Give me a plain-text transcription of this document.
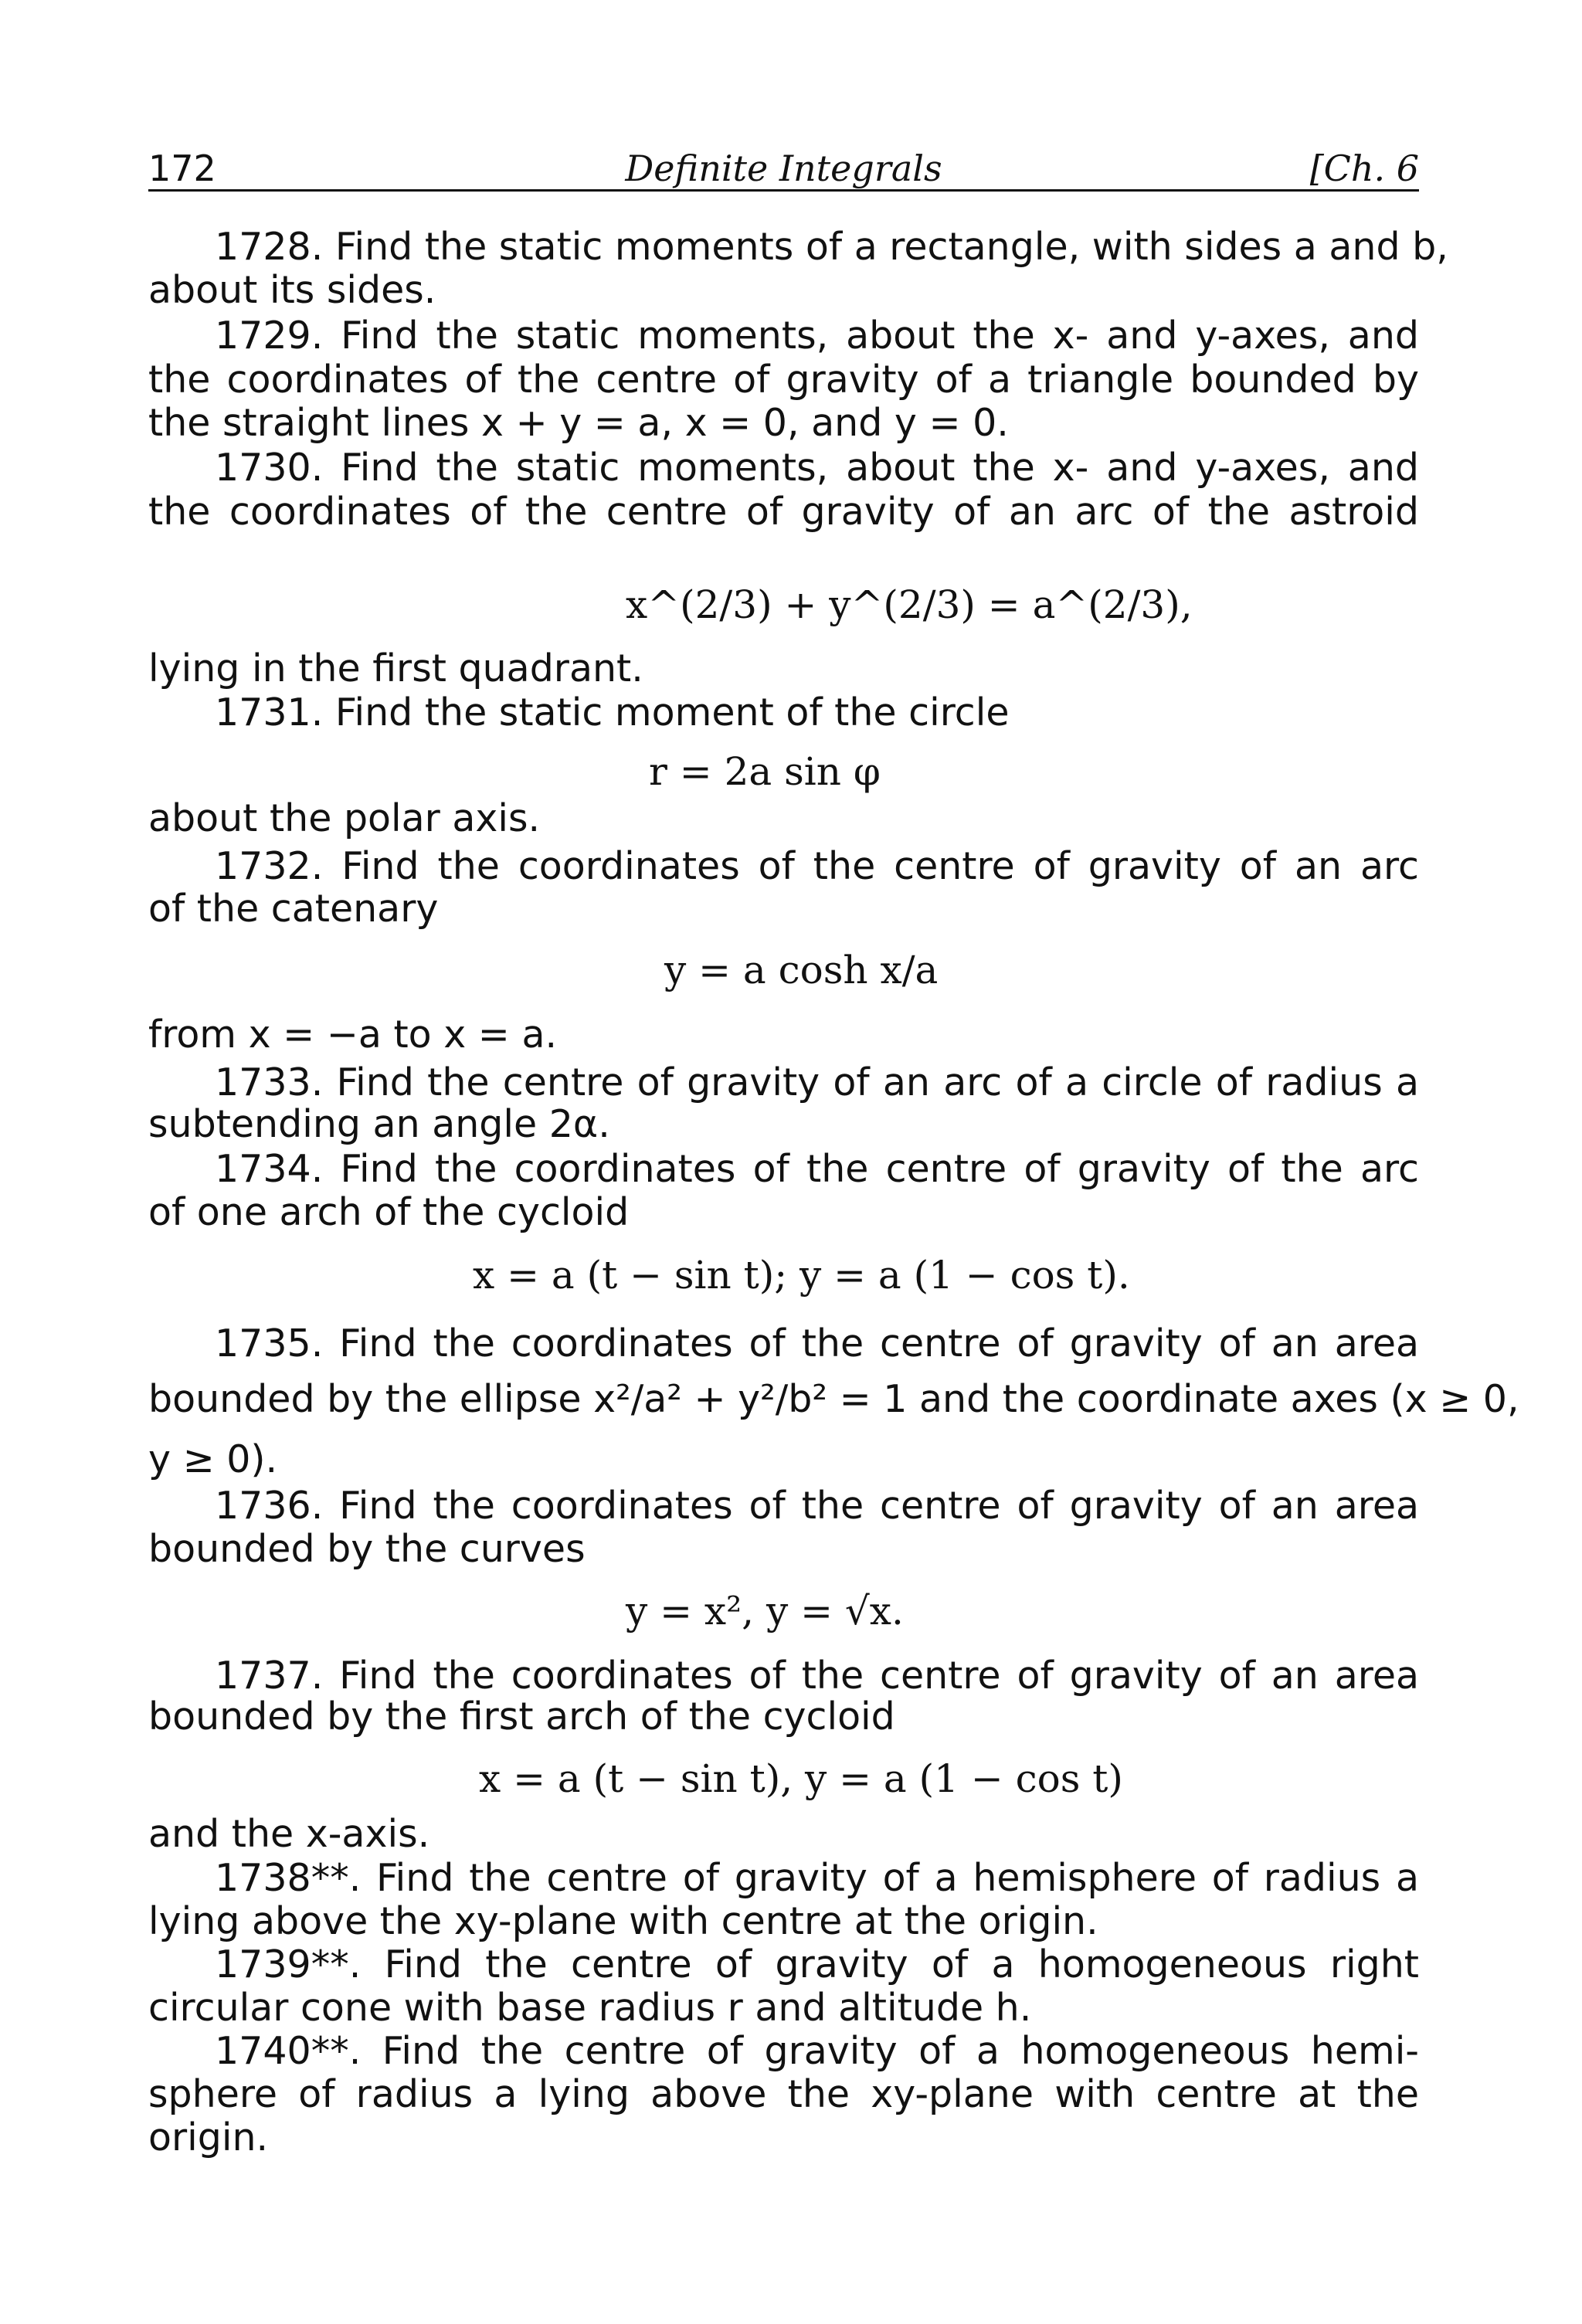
172	Definite Integrals	[Ch. 6
1728. Find the static moments of a rectangle, with sides a and b,
about its sides.
1729. Find the static moments, about the x- and y-axes, and
the coordinates of the centre of gravity of a triangle bounded by
the straight lines x + y = a, x = 0, and y = 0.
1730. Find the static moments, about the x- and y-axes, and
the coordinates of the centre of gravity of an arc of the astroid
x^(2/3) + y^(2/3) = a^(2/3),
lying in the first quadrant.
1731. Find the static moment of the circle
r = 2a sin φ
about the polar axis.
1732. Find the coordinates of the centre of gravity of an arc
of the catenary
y = a cosh x/a
from x = −a to x = a.
1733. Find the centre of gravity of an arc of a circle of radius a
subtending an angle 2α.
1734. Find the coordinates of the centre of gravity of the arc
of one arch of the cycloid
x = a (t − sin t); y = a (1 − cos t).
1735. Find the coordinates of the centre of gravity of an area
bounded by the ellipse x²/a² + y²/b² = 1 and the coordinate axes (x ≥ 0,
y ≥ 0).
1736. Find the coordinates of the centre of gravity of an area
bounded by the curves
y = x², y = √x.
1737. Find the coordinates of the centre of gravity of an area
bounded by the first arch of the cycloid
x = a (t − sin t), y = a (1 − cos t)
and the x-axis.
1738**. Find the centre of gravity of a hemisphere of radius a
lying above the xy-plane with centre at the origin.
1739**. Find the centre of gravity of a homogeneous right
circular cone with base radius r and altitude h.
1740**. Find the centre of gravity of a homogeneous hemi-
sphere of radius a lying above the xy-plane with centre at the
origin.
